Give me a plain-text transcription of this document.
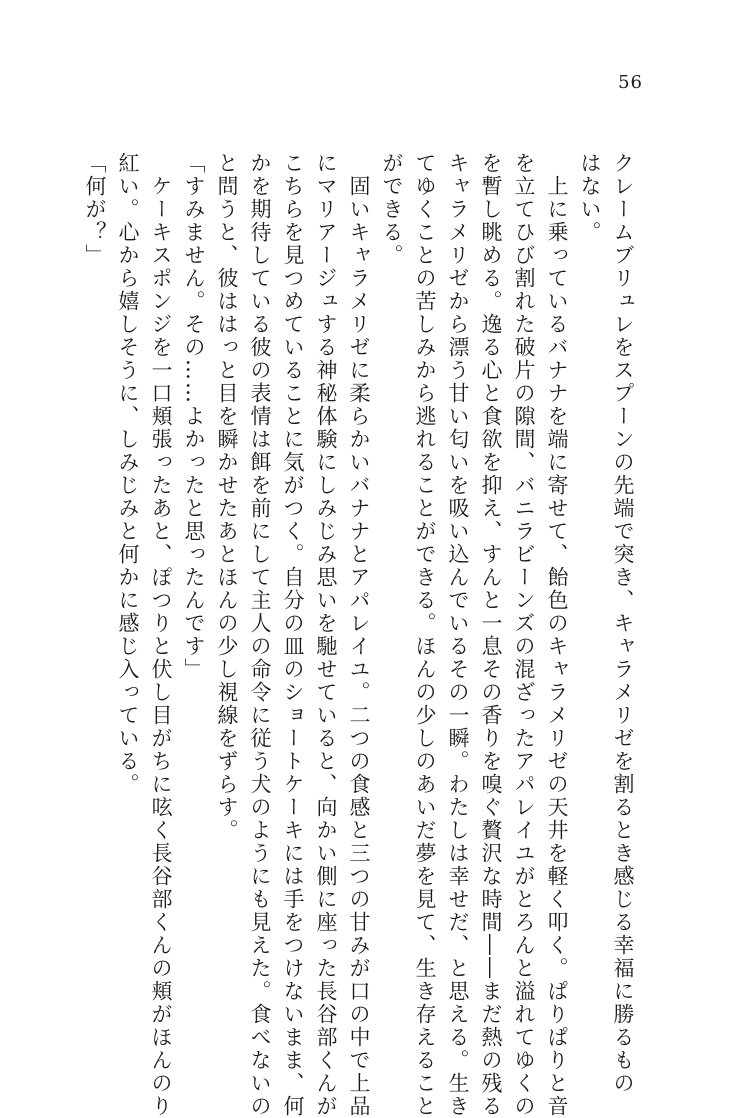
56
クレームブリュレをスプーンの先端で突き、キャラメリゼを割るとき感じる幸福に勝るもの
はない。
　上に乗っているバナナを端に寄せて、飴色のキャラメリゼの天井を軽く叩く。ぱりぱりと音
を立てひび割れた破片の隙間、バニラビーンズの混ざったアパレイユがとろんと溢れてゆくの
を暫し眺める。逸る心と食欲を抑え、すんと一息その香りを嗅ぐ贅沢な時間――まだ熱の残る
キャラメリゼから漂う甘い匂いを吸い込んでいるその一瞬。わたしは幸せだ、と思える。生き
てゆくことの苦しみから逃れることができる。ほんの少しのあいだ夢を見て、生き存えること
ができる。
　固いキャラメリゼに柔らかいバナナとアパレイユ。二つの食感と三つの甘みが口の中で上品
にマリアージュする神秘体験にしみじみ思いを馳せていると、向かい側に座った長谷部くんが
こちらを見つめていることに気がつく。自分の皿のショートケーキには手をつけないまま、何
かを期待している彼の表情は餌を前にして主人の命令に従う犬のようにも見えた。食べないの
と問うと、彼ははっと目を瞬かせたあとほんの少し視線をずらす。
「すみません。その……よかったと思ったんです」
　ケーキスポンジを一口頬張ったあと、ぽつりと伏し目がちに呟く長谷部くんの頬がほんのり
紅い。心から嬉しそうに、しみじみと何かに感じ入っている。
「何が？」
